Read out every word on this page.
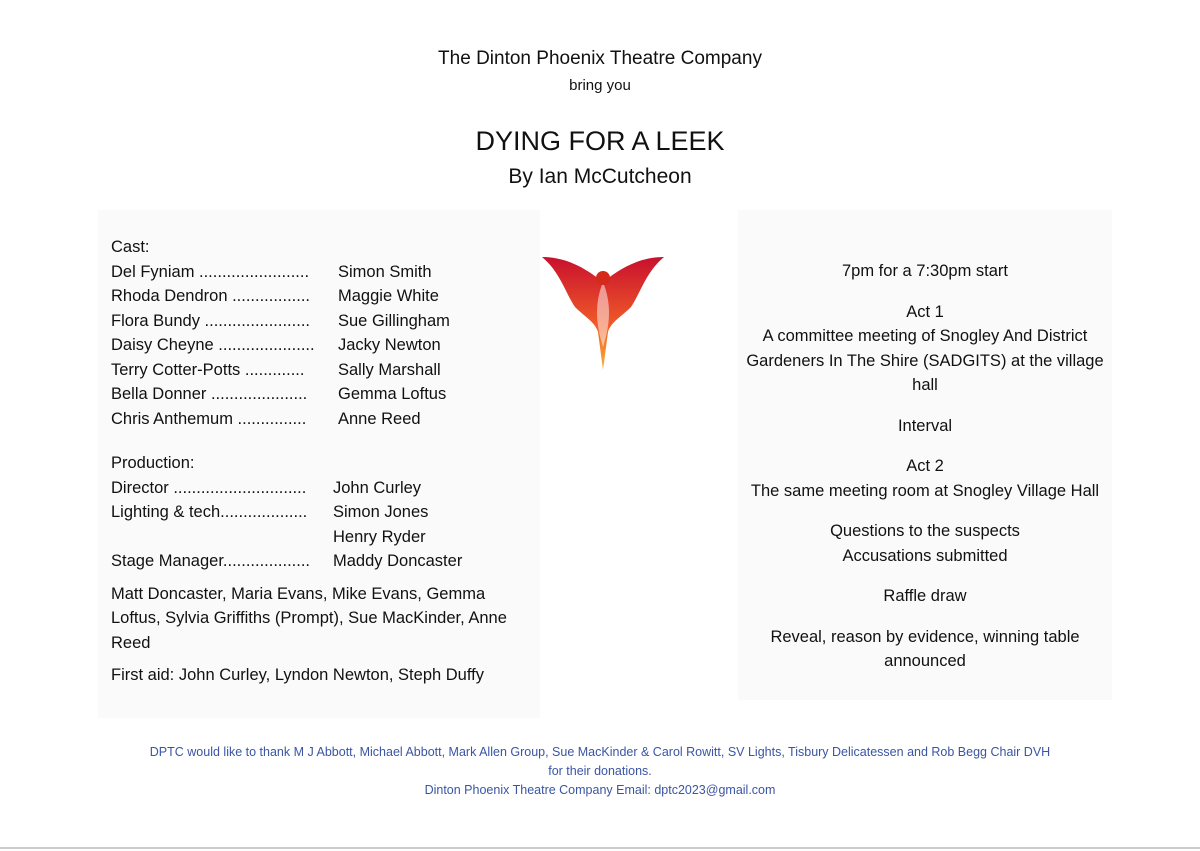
The Dinton Phoenix Theatre Company
bring you
DYING FOR A LEEK
By Ian McCutcheon
Cast:
Del Fyniam ........................	Simon Smith
Rhoda Dendron .................	Maggie White
Flora Bundy .......................	Sue Gillingham
Daisy Cheyne .....................	Jacky Newton
Terry Cotter-Potts .............	Sally Marshall
Bella Donner .....................	Gemma Loftus
Chris Anthemum ...............	Anne Reed
Production:
Director .............................	John Curley
Lighting & tech...................	Simon Jones
Henry Ryder
Stage Manager...................	Maddy Doncaster
Matt Doncaster, Maria Evans, Mike Evans, Gemma Loftus, Sylvia Griffiths (Prompt), Sue MacKinder, Anne Reed
First aid: John Curley, Lyndon Newton, Steph Duffy
7pm for a 7:30pm start
Act 1
A committee meeting of Snogley And District Gardeners In The Shire (SADGITS) at the village hall
Interval
Act 2
The same meeting room at Snogley Village Hall
Questions to the suspects
Accusations submitted
Raffle draw
Reveal, reason by evidence, winning table announced
DPTC would like to thank M J Abbott, Michael Abbott, Mark Allen Group, Sue MacKinder & Carol Rowitt, SV Lights, Tisbury Delicatessen and Rob Begg Chair DVH
for their donations.
Dinton Phoenix Theatre Company Email: dptc2023@gmail.com
